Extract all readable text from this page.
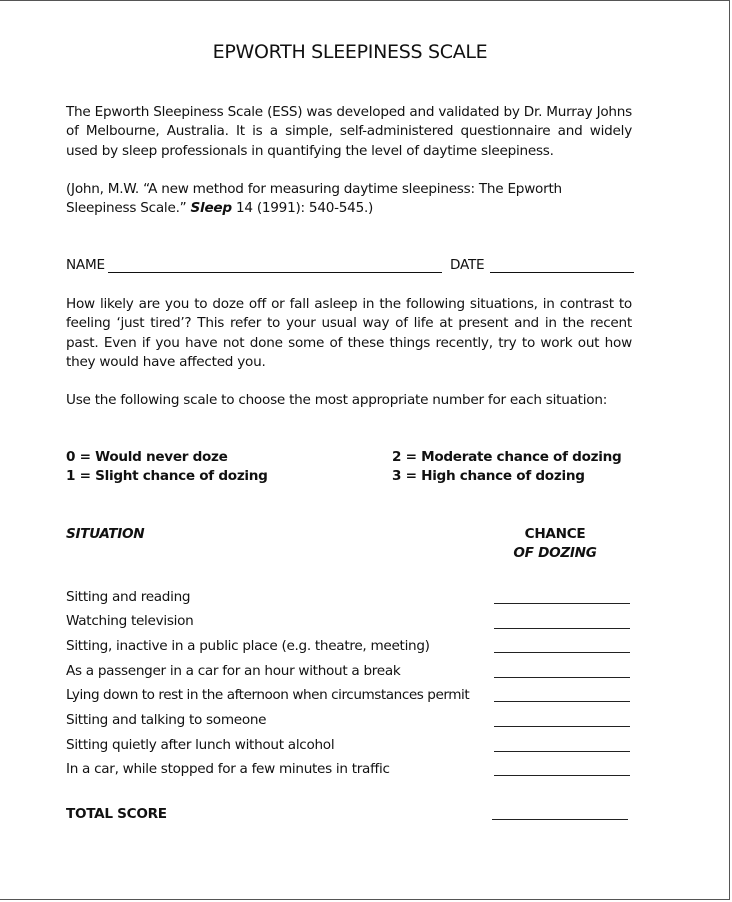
EPWORTH SLEEPINESS SCALE
The Epworth Sleepiness Scale (ESS) was developed and validated by Dr. Murray Johns of Melbourne, Australia. It is a simple, self-administered questionnaire and widely used by sleep professionals in quantifying the level of daytime sleepiness.
(John, M.W. “A new method for measuring daytime sleepiness: The Epworth Sleepiness Scale.” Sleep 14 (1991): 540-545.)
NAME	DATE
How likely are you to doze off or fall asleep in the following situations, in contrast to feeling ‘just tired’? This refer to your usual way of life at present and in the recent past. Even if you have not done some of these things recently, try to work out how they would have affected you.
Use the following scale to choose the most appropriate number for each situation:
0 = Would never doze
1 = Slight chance of dozing
2 = Moderate chance of dozing
3 = High chance of dozing
SITUATION	CHANCE
OF DOZING
Sitting and reading
Watching television
Sitting, inactive in a public place (e.g. theatre, meeting)
As a passenger in a car for an hour without a break
Lying down to rest in the afternoon when circumstances permit
Sitting and talking to someone
Sitting quietly after lunch without alcohol
In a car, while stopped for a few minutes in traffic
TOTAL SCORE
